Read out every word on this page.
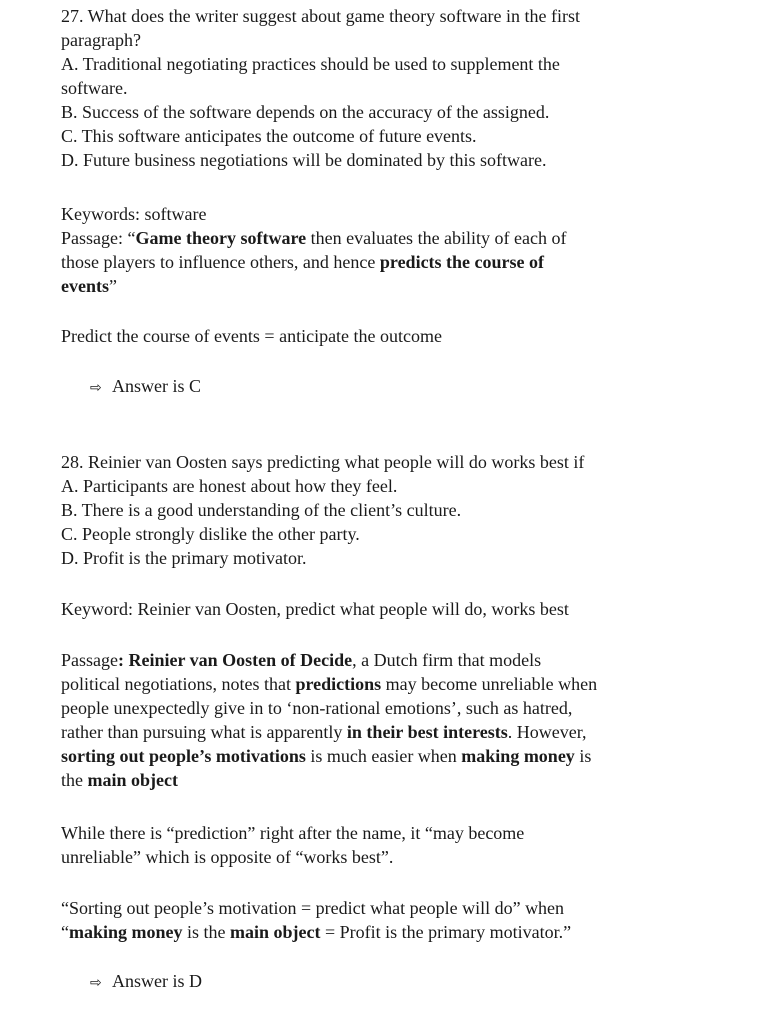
27. What does the writer suggest about game theory software in the first
paragraph?
A. Traditional negotiating practices should be used to supplement the
software.
B. Success of the software depends on the accuracy of the assigned.
C. This software anticipates the outcome of future events.
D. Future business negotiations will be dominated by this software.
Keywords: software
Passage: “Game theory software then evaluates the ability of each of
those players to influence others, and hence predicts the course of
events”
Predict the course of events = anticipate the outcome
⇨ Answer is C
28. Reinier van Oosten says predicting what people will do works best if
A. Participants are honest about how they feel.
B. There is a good understanding of the client’s culture.
C. People strongly dislike the other party.
D. Profit is the primary motivator.
Keyword: Reinier van Oosten, predict what people will do, works best
Passage: Reinier van Oosten of Decide, a Dutch firm that models
political negotiations, notes that predictions may become unreliable when
people unexpectedly give in to ‘non-rational emotions’, such as hatred,
rather than pursuing what is apparently in their best interests. However,
sorting out people’s motivations is much easier when making money is
the main object
While there is “prediction” right after the name, it “may become
unreliable” which is opposite of “works best”.
“Sorting out people’s motivation = predict what people will do” when
“making money is the main object = Profit is the primary motivator.”
⇨ Answer is D
